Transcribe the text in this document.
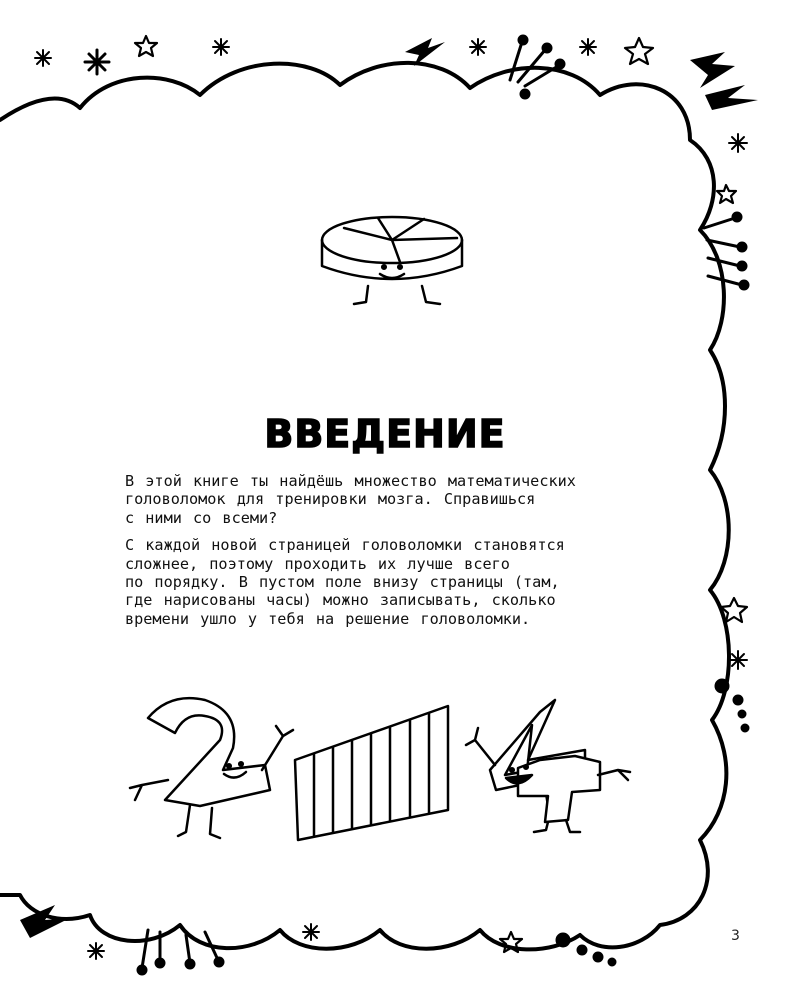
ВВЕДЕНИЕ

В этой книге ты найдёшь множество математических
головоломок для тренировки мозга. Справишься
с ними со всеми?

С каждой новой страницей головоломки становятся
сложнее, поэтому проходить их лучше всего
по порядку. В пустом поле внизу страницы (там,
где нарисованы часы) можно записывать, сколько
времени ушло у тебя на решение головоломки.

3
